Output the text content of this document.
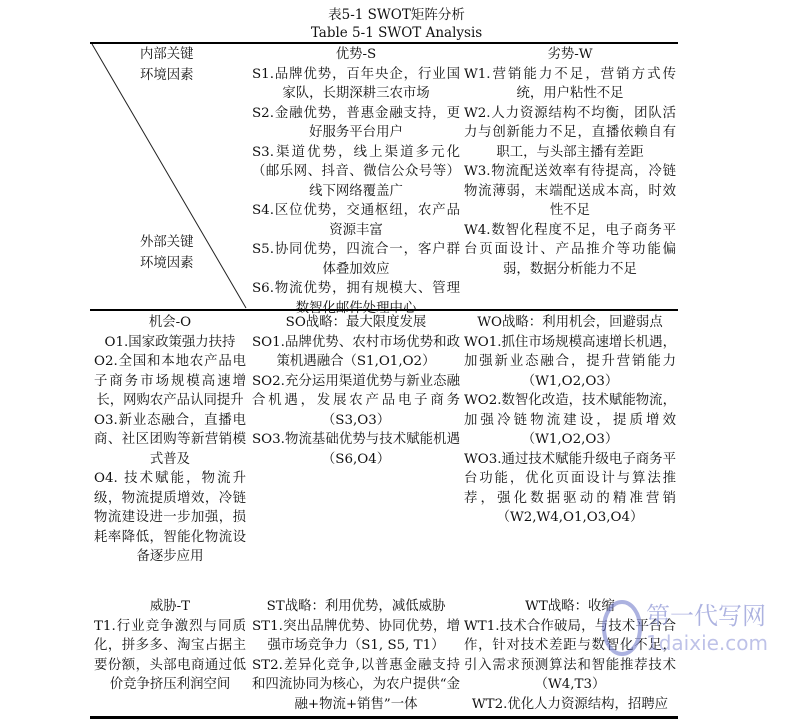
表5-1 SWOT矩阵分析
Table 5-1 SWOT Analysis
内部关键
环境因素
外部关键
环境因素

优势-S

S1.品牌优势，百年央企，行业国家队，长期深耕三农市场

S2.金融优势，普惠金融支持，更好服务平台用户

S3.渠道优势，线上渠道多元化（邮乐网、抖音、微信公众号等）线下网络覆盖广

S4.区位优势，交通枢纽，农产品资源丰富

S5.协同优势，四流合一，客户群体叠加效应

S6.物流优势，拥有规模大、管理数智化邮件处理中心

劣势-W

W1.营销能力不足，营销方式传统，用户粘性不足

W2.人力资源结构不均衡，团队活力与创新能力不足，直播依赖自有职工，与头部主播有差距

W3.物流配送效率有待提高，冷链物流薄弱，末端配送成本高，时效性不足

W4.数智化程度不足，电子商务平台页面设计、产品推介等功能偏弱，数据分析能力不足

机会-O

O1.国家政策强力扶持

O2.全国和本地农产品电子商务市场规模高速增长，网购农产品认同提升

O3.新业态融合，直播电商、社区团购等新营销模式普及

O4. 技术赋能，物流升级，物流提质增效，冷链物流建设进一步加强，损耗率降低，智能化物流设备逐步应用

SO战略：最大限度发展

SO1.品牌优势、农村市场优势和政策机遇融合（S1,O1,O2）

SO2.充分运用渠道优势与新业态融合机遇，发展农产品电子商务（S3,O3）

SO3.物流基础优势与技术赋能机遇（S6,O4）

WO战略：利用机会，回避弱点

WO1.抓住市场规模高速增长机遇，加强新业态融合，提升营销能力（W1,O2,O3）

WO2.数智化改造，技术赋能物流，加强冷链物流建设，提质增效（W1,O2,O3）

WO3.通过技术赋能升级电子商务平台功能，优化页面设计与算法推荐，强化数据驱动的精准营销（W2,W4,O1,O3,O4）

威胁-T

T1.行业竞争激烈与同质化，拼多多、淘宝占据主要份额，头部电商通过低价竞争挤压利润空间

ST战略：利用优势，减低威胁

ST1.突出品牌优势、协同优势，增强市场竞争力（S1, S5, T1）

ST2.差异化竞争,以普惠金融支持和四流协同为核心，为农户提供“金融+物流+销售”一体

WT战略：收缩

WT1.技术合作破局，与技术平台合作，针对技术差距与数智化不足，引入需求预测算法和智能推荐技术（W4,T3）

WT2.优化人力资源结构，招聘应

第一代写网
1daixie.com
